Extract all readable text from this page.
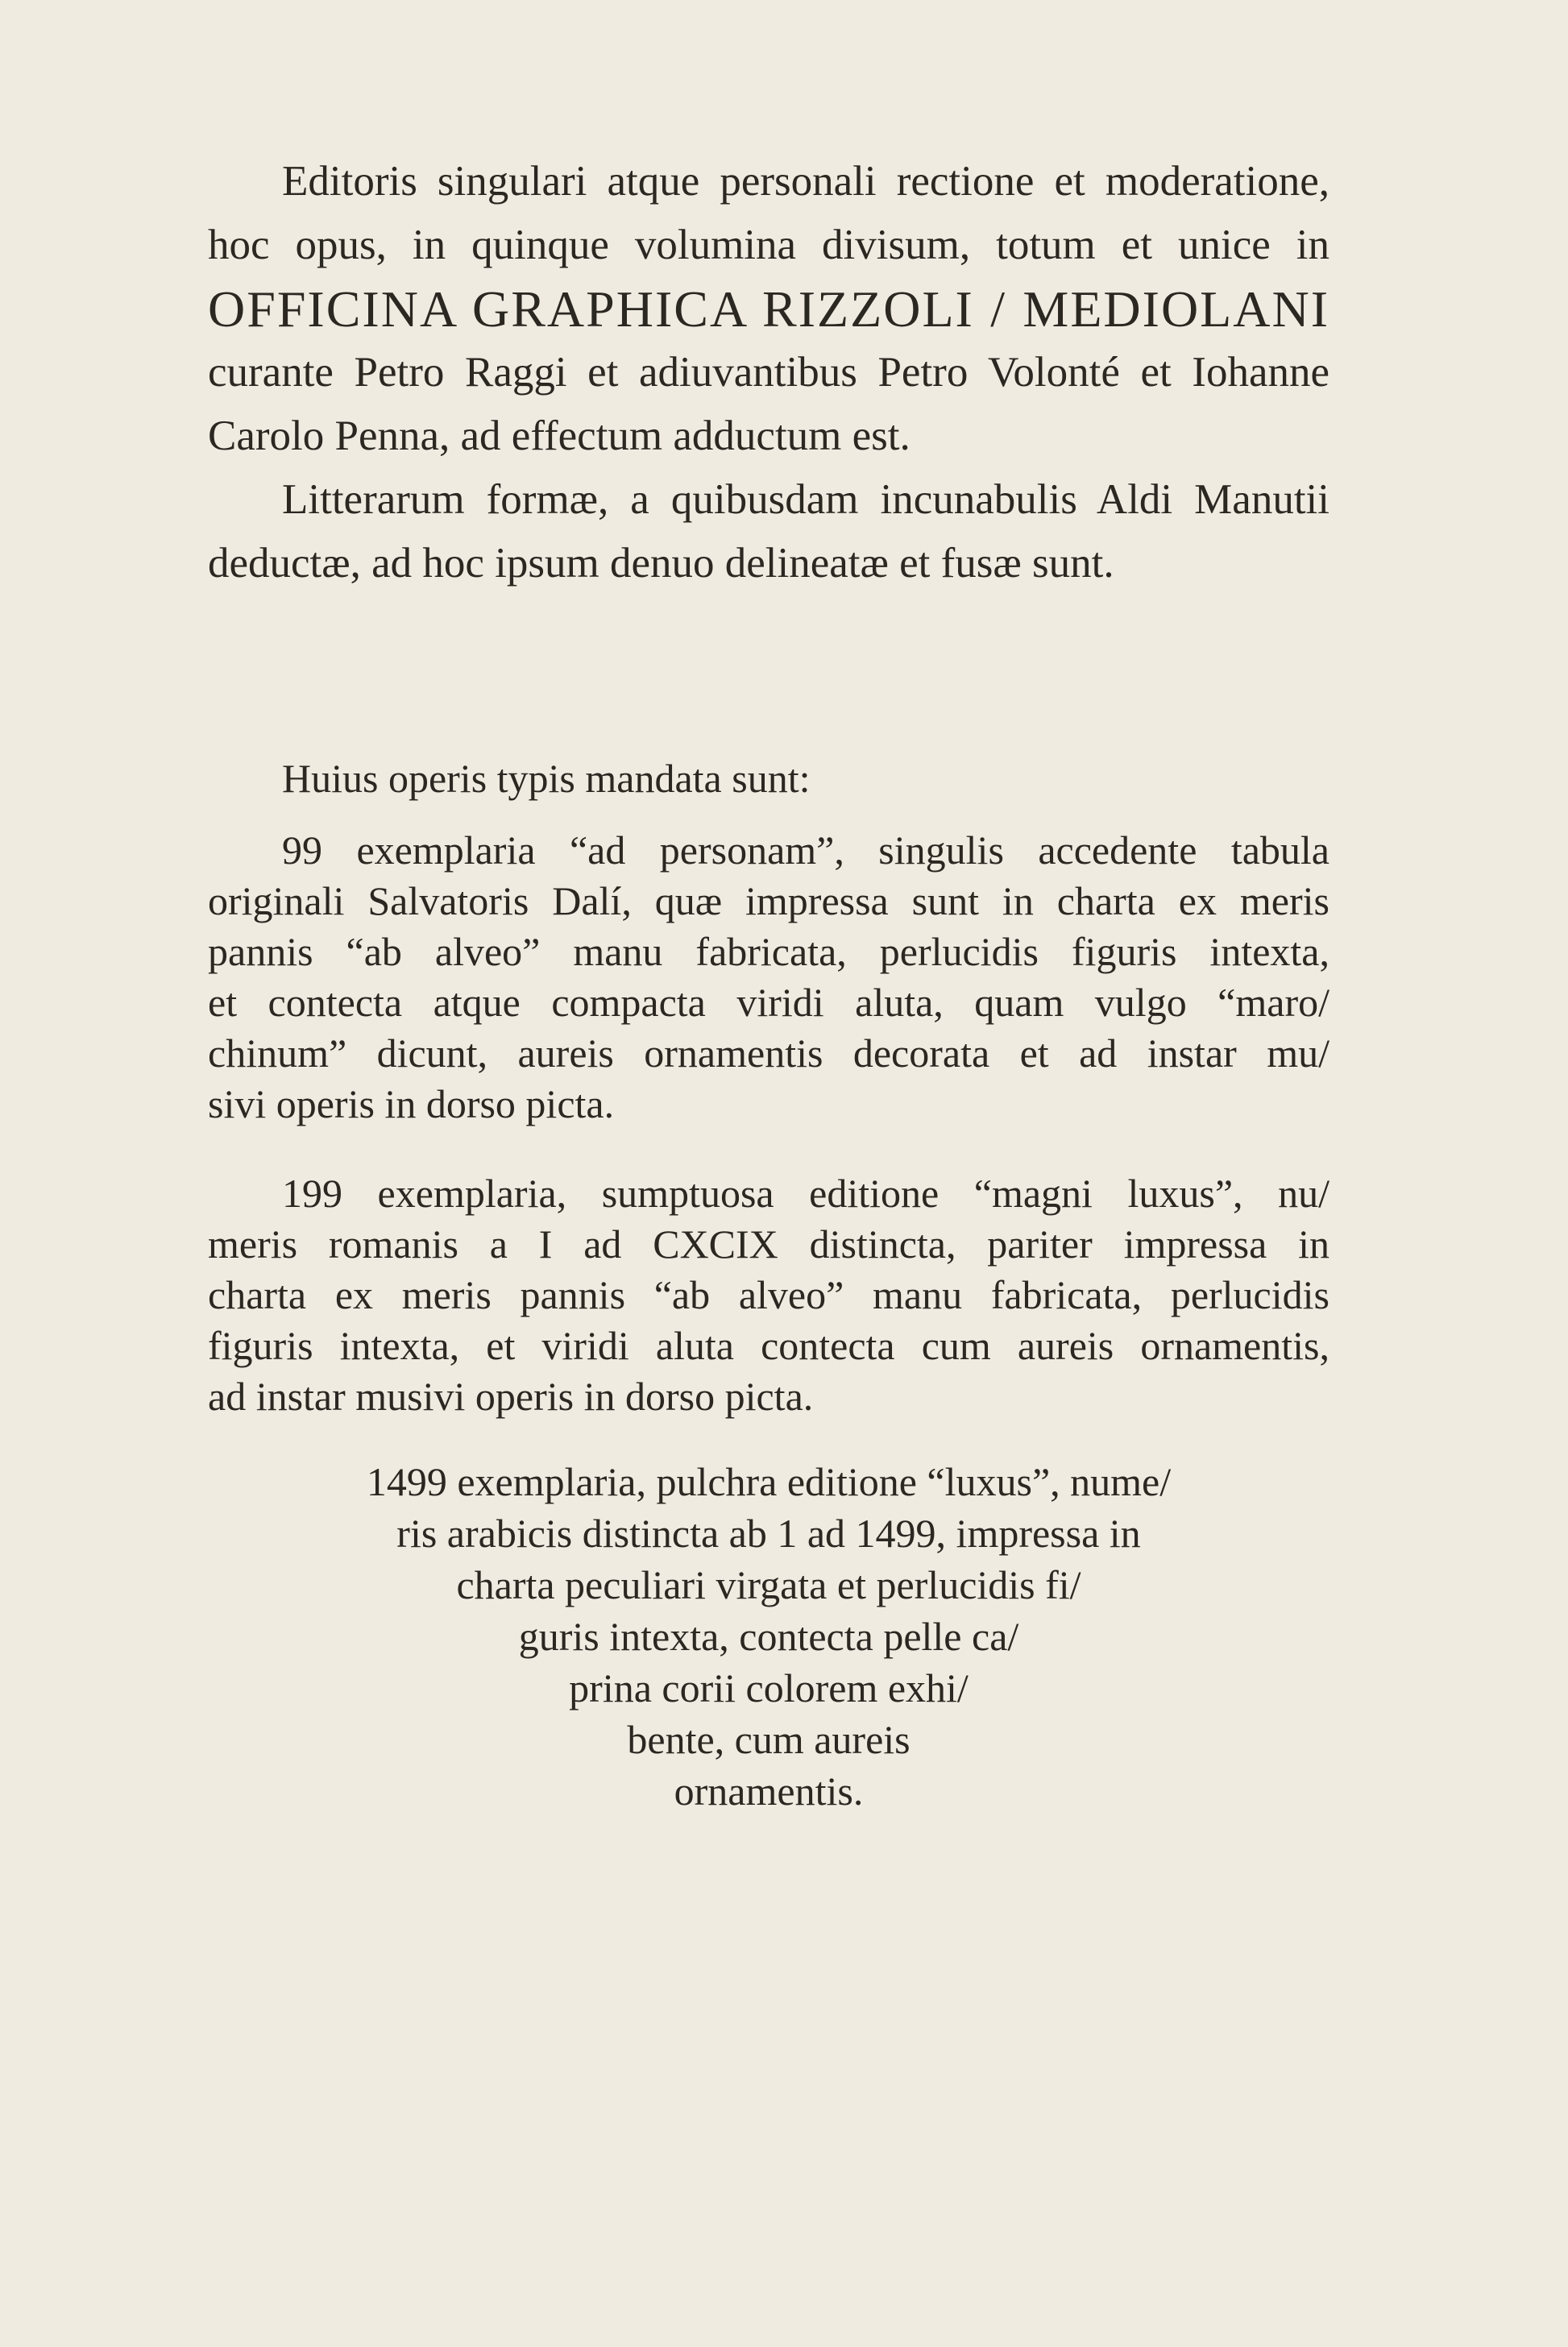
Editoris singulari atque personali rectione et moderatione,
hoc opus, in quinque volumina divisum, totum et unice in
OFFICINA GRAPHICA RIZZOLI / MEDIOLANI
curante Petro Raggi et adiuvantibus Petro Volonté et Iohanne
Carolo Penna, ad effectum adductum est.
Litterarum formæ, a quibusdam incunabulis Aldi Manutii
deductæ, ad hoc ipsum denuo delineatæ et fusæ sunt.
Huius operis typis mandata sunt:
99 exemplaria “ad personam”, singulis accedente tabula
originali Salvatoris Dalí, quæ impressa sunt in charta ex meris
pannis “ab alveo” manu fabricata, perlucidis figuris intexta,
et contecta atque compacta viridi aluta, quam vulgo “maro/
chinum” dicunt, aureis ornamentis decorata et ad instar mu/
sivi operis in dorso picta.
199 exemplaria, sumptuosa editione “magni luxus”, nu/
meris romanis a I ad CXCIX distincta, pariter impressa in
charta ex meris pannis “ab alveo” manu fabricata, perlucidis
figuris intexta, et viridi aluta contecta cum aureis ornamentis,
ad instar musivi operis in dorso picta.
1499 exemplaria, pulchra editione “luxus”, nume/
ris arabicis distincta ab 1 ad 1499, impressa in
charta peculiari virgata et perlucidis fi/
guris intexta, contecta pelle ca/
prina corii colorem exhi/
bente, cum aureis
ornamentis.
